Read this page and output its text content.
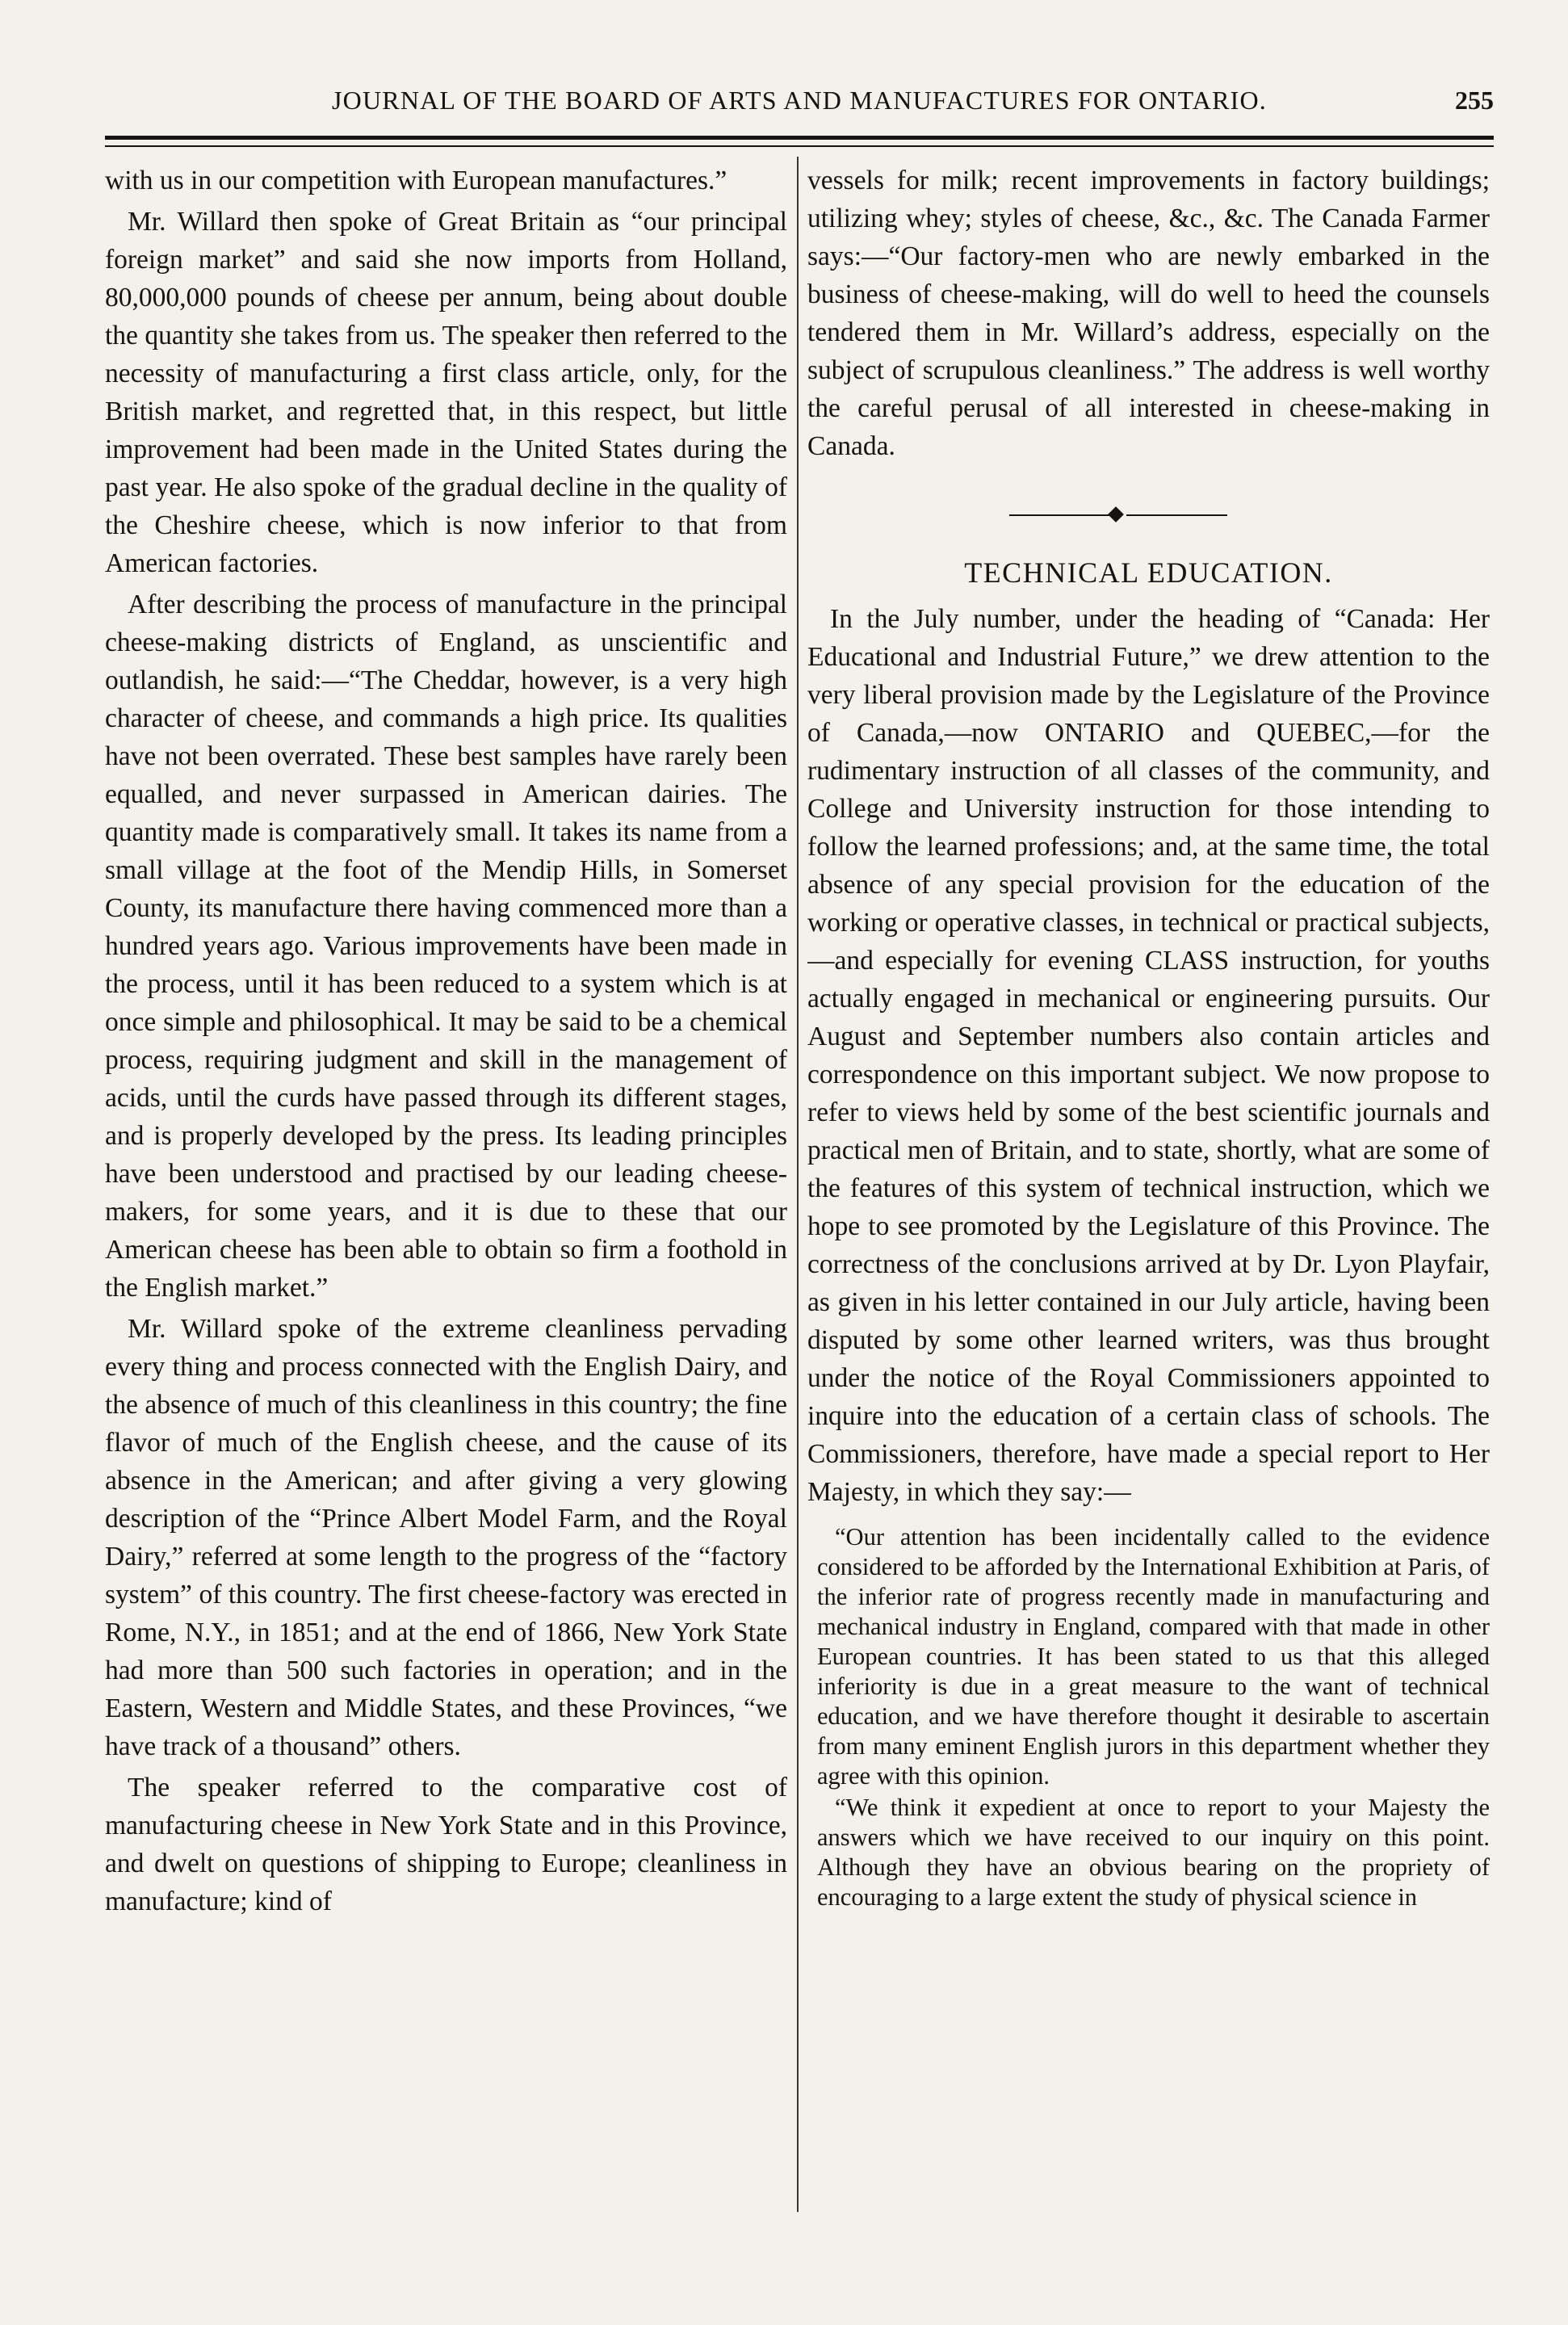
JOURNAL OF THE BOARD OF ARTS AND MANUFACTURES FOR ONTARIO.	255

with us in our competition with European manufactures.”

Mr. Willard then spoke of Great Britain as “our principal foreign market” and said she now imports from Holland, 80,000,000 pounds of cheese per annum, being about double the quantity she takes from us. The speaker then referred to the necessity of manufacturing a first class article, only, for the British market, and regretted that, in this respect, but little improvement had been made in the United States during the past year. He also spoke of the gradual decline in the quality of the Cheshire cheese, which is now inferior to that from American factories.

After describing the process of manufacture in the principal cheese-making districts of England, as unscientific and outlandish, he said:—“The Cheddar, however, is a very high character of cheese, and commands a high price. Its qualities have not been overrated. These best samples have rarely been equalled, and never surpassed in American dairies. The quantity made is comparatively small. It takes its name from a small village at the foot of the Mendip Hills, in Somerset County, its manufacture there having commenced more than a hundred years ago. Various improvements have been made in the process, until it has been reduced to a system which is at once simple and philosophical. It may be said to be a chemical process, requiring judgment and skill in the management of acids, until the curds have passed through its different stages, and is properly developed by the press. Its leading principles have been understood and practised by our leading cheese-makers, for some years, and it is due to these that our American cheese has been able to obtain so firm a foothold in the English market.”

Mr. Willard spoke of the extreme cleanliness pervading every thing and process connected with the English Dairy, and the absence of much of this cleanliness in this country; the fine flavor of much of the English cheese, and the cause of its absence in the American; and after giving a very glowing description of the “Prince Albert Model Farm, and the Royal Dairy,” referred at some length to the progress of the “factory system” of this country. The first cheese-factory was erected in Rome, N.Y., in 1851; and at the end of 1866, New York State had more than 500 such factories in operation; and in the Eastern, Western and Middle States, and these Provinces, “we have track of a thousand” others.

The speaker referred to the comparative cost of manufacturing cheese in New York State and in this Province, and dwelt on questions of shipping to Europe; cleanliness in manufacture; kind of

vessels for milk; recent improvements in factory buildings; utilizing whey; styles of cheese, &c., &c. The Canada Farmer says:—“Our factory-men who are newly embarked in the business of cheese-making, will do well to heed the counsels tendered them in Mr. Willard’s address, especially on the subject of scrupulous cleanliness.” The address is well worthy the careful perusal of all interested in cheese-making in Canada.

TECHNICAL EDUCATION.

In the July number, under the heading of “Canada: Her Educational and Industrial Future,” we drew attention to the very liberal provision made by the Legislature of the Province of Canada,—now ONTARIO and QUEBEC,—for the rudimentary instruction of all classes of the community, and College and University instruction for those intending to follow the learned professions; and, at the same time, the total absence of any special provision for the education of the working or operative classes, in technical or practical subjects,—and especially for evening CLASS instruction, for youths actually engaged in mechanical or engineering pursuits. Our August and September numbers also contain articles and correspondence on this important subject. We now propose to refer to views held by some of the best scientific journals and practical men of Britain, and to state, shortly, what are some of the features of this system of technical instruction, which we hope to see promoted by the Legislature of this Province. The correctness of the conclusions arrived at by Dr. Lyon Playfair, as given in his letter contained in our July article, having been disputed by some other learned writers, was thus brought under the notice of the Royal Commissioners appointed to inquire into the education of a certain class of schools. The Commissioners, therefore, have made a special report to Her Majesty, in which they say:—

“Our attention has been incidentally called to the evidence considered to be afforded by the International Exhibition at Paris, of the inferior rate of progress recently made in manufacturing and mechanical industry in England, compared with that made in other European countries. It has been stated to us that this alleged inferiority is due in a great measure to the want of technical education, and we have therefore thought it desirable to ascertain from many eminent English jurors in this department whether they agree with this opinion.

“We think it expedient at once to report to your Majesty the answers which we have received to our inquiry on this point. Although they have an obvious bearing on the propriety of encouraging to a large extent the study of physical science in
